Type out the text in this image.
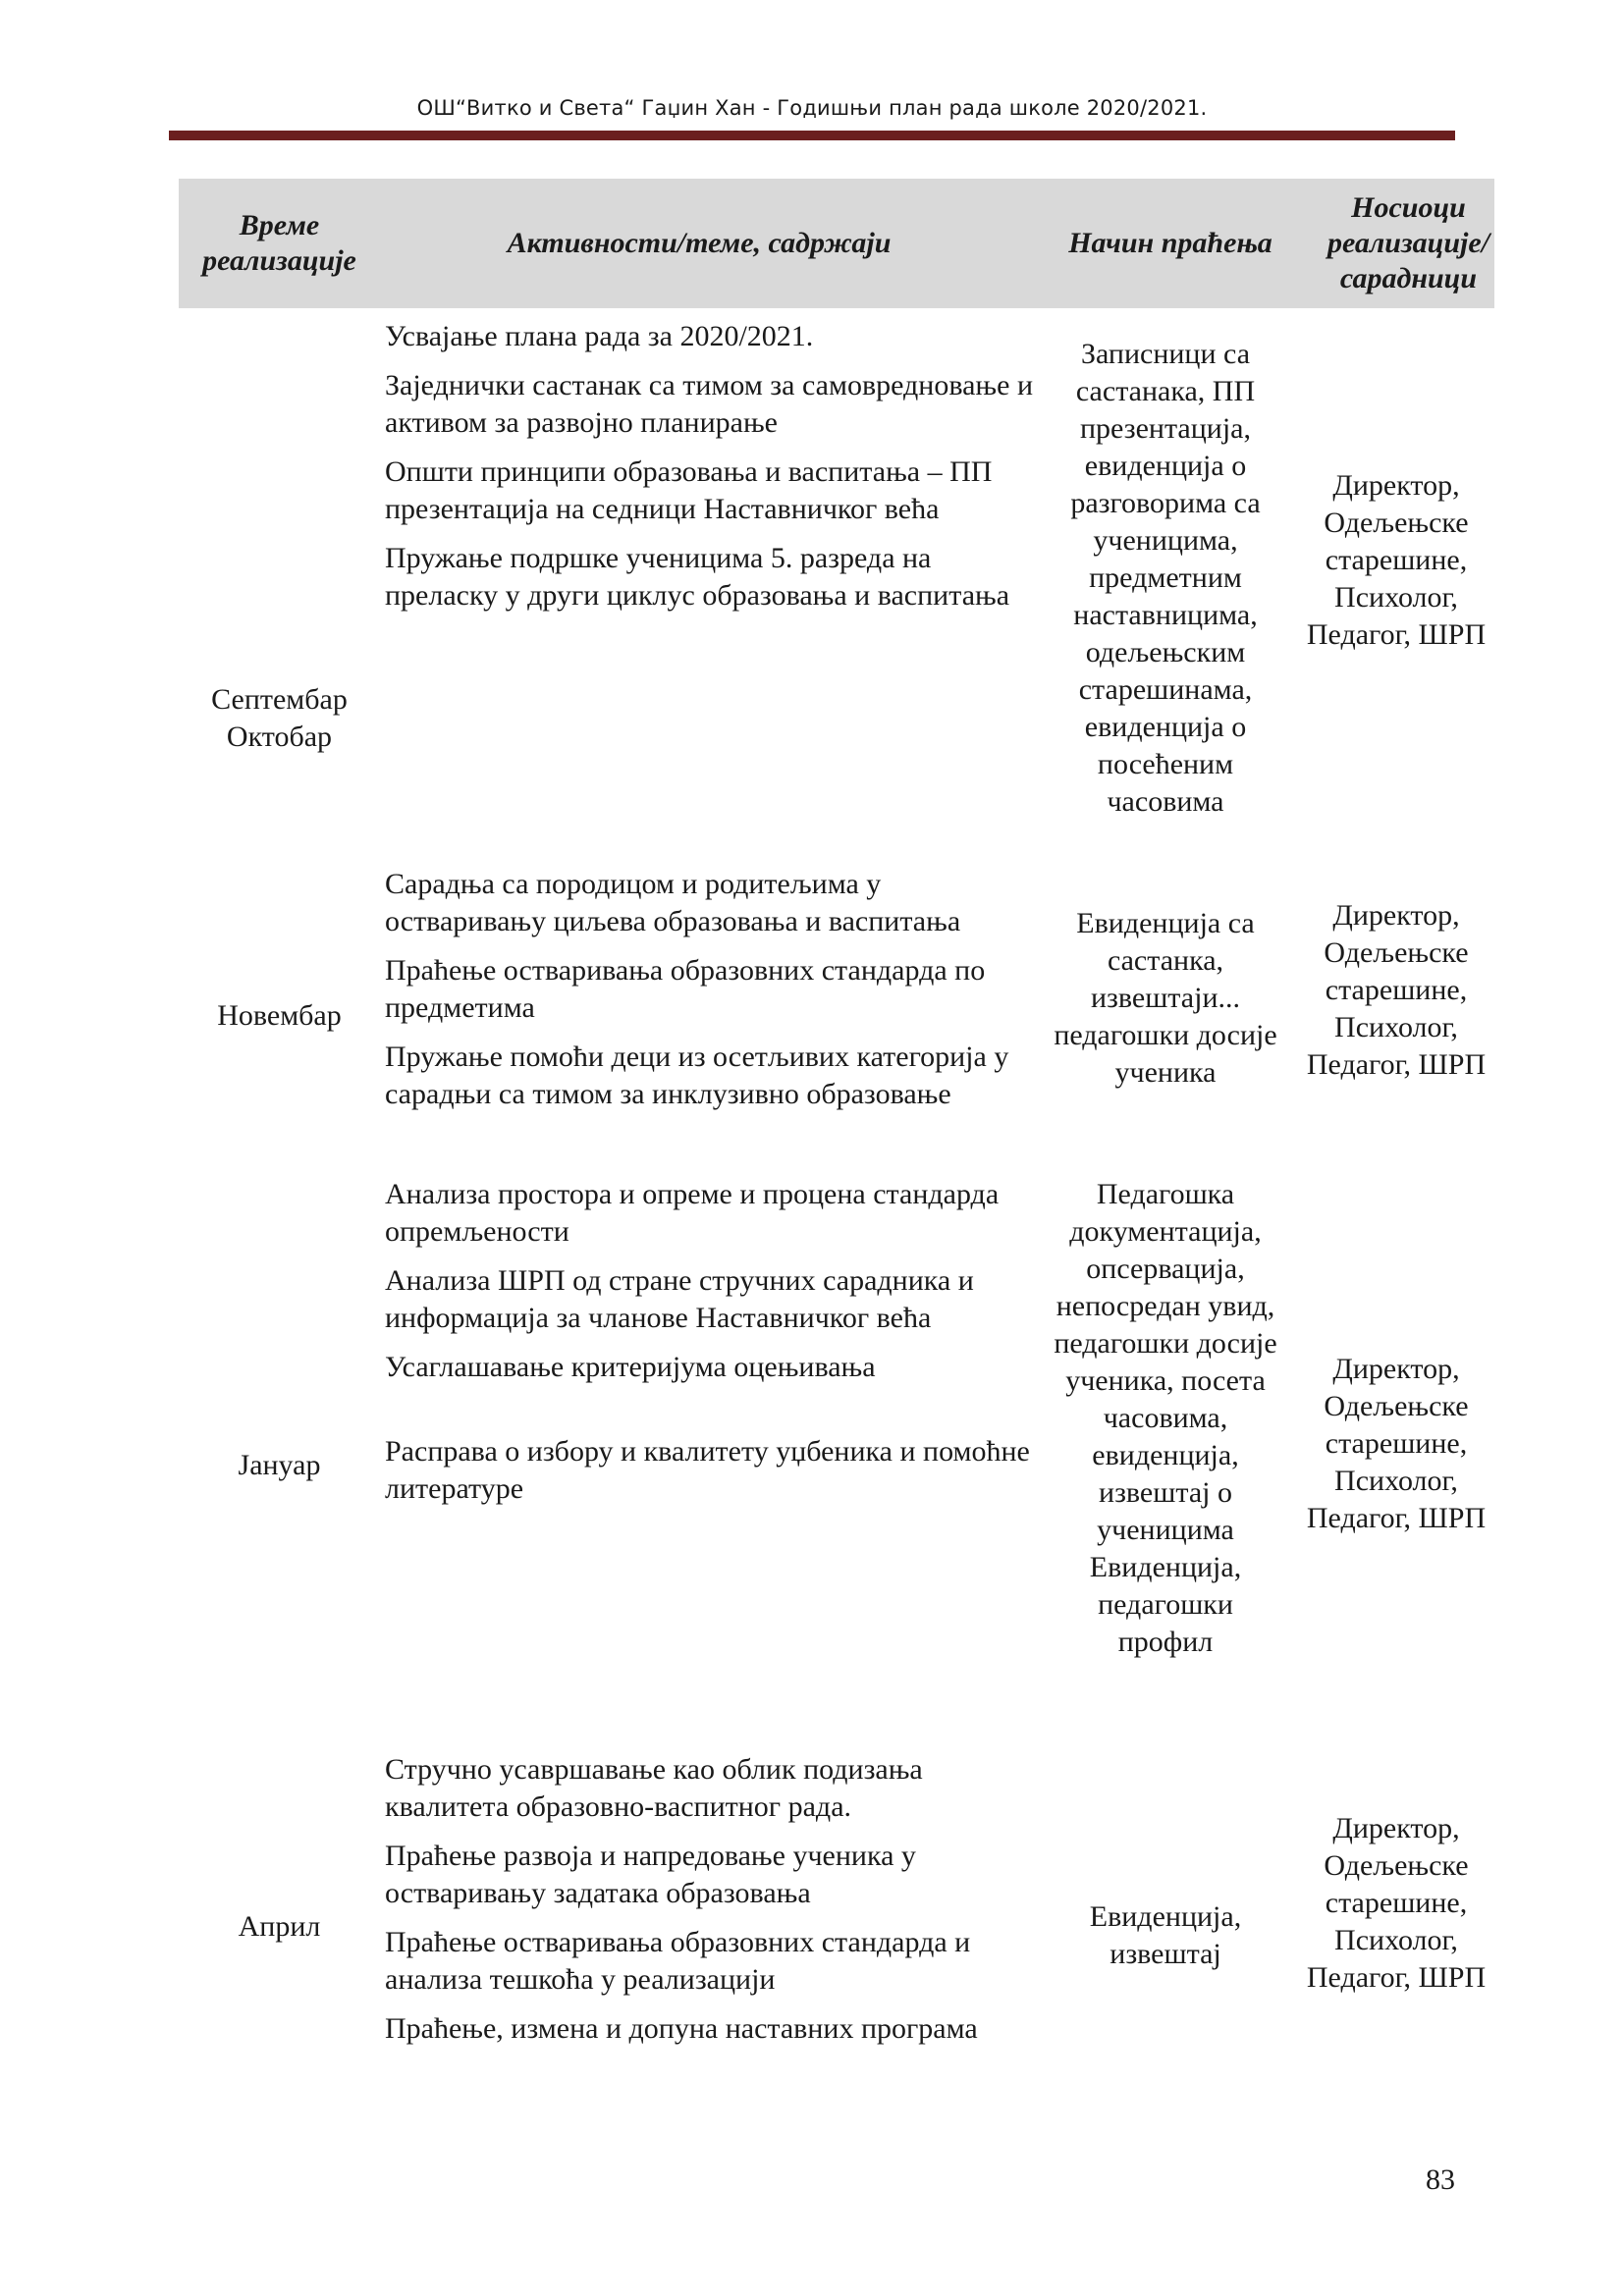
ОШ“Витко и Света“ Гаџин Хан - Годишњи план рада школе 2020/2021.
Време реализације
Активности/теме, садржаји	Начин праћења
Носиоци реализације/ сарадници
Септембар
Октобар

Усвајање плана рада за 2020/2021.

Заједнички састанак са тимом за самовредновање и активом за развојно планирање

Општи принципи образовања и васпитања – ПП презентација на седници Наставничког већа

Пружање подршке ученицима 5. разреда на преласку у други циклус образовања и васпитања

Записници са састанака, ПП презентација, евиденција о разговорима са ученицима, предметним наставницима, одељењским старешинама, евиденција о посећеним часовима
Директор, Одељењске старешине, Психолог, Педагог, ШРП
Новембар

Сарадња са породицом и родитељима у остваривању циљева образовања и васпитања

Праћење остваривања образовних стандарда по предметима

Пружање помоћи деци из осетљивих категорија у сарадњи са тимом за инклузивно образовање

Евиденција са састанка, извештаји... педагошки досије ученика
Директор, Одељењске старешине, Психолог, Педагог, ШРП
Јануар

Анализа простора и опреме и процена стандарда опремљености

Анализа ШРП од стране стручних сарадника и информација за чланове Наставничког већа

Усаглашавање критеријума оцењивања

Расправа о избору и квалитету уџбеника и помоћне литературе

Педагошка документација, опсервација, непосредан увид, педагошки досије ученика, посета часовима, евиденција, извештај о ученицима Евиденција, педагошки профил
Директор, Одељењске старешине, Психолог, Педагог, ШРП
Април

Стручно усавршавање као облик подизања квалитета образовно-васпитног рада.

Праћење развоја и напредовање ученика у остваривању задатака образовања

Праћење остваривања образовних стандарда и анализа тешкоћа у реализацији

Праћење, измена и допуна наставних програма

Евиденција, извештај
Директор, Одељењске старешине, Психолог, Педагог, ШРП
83
